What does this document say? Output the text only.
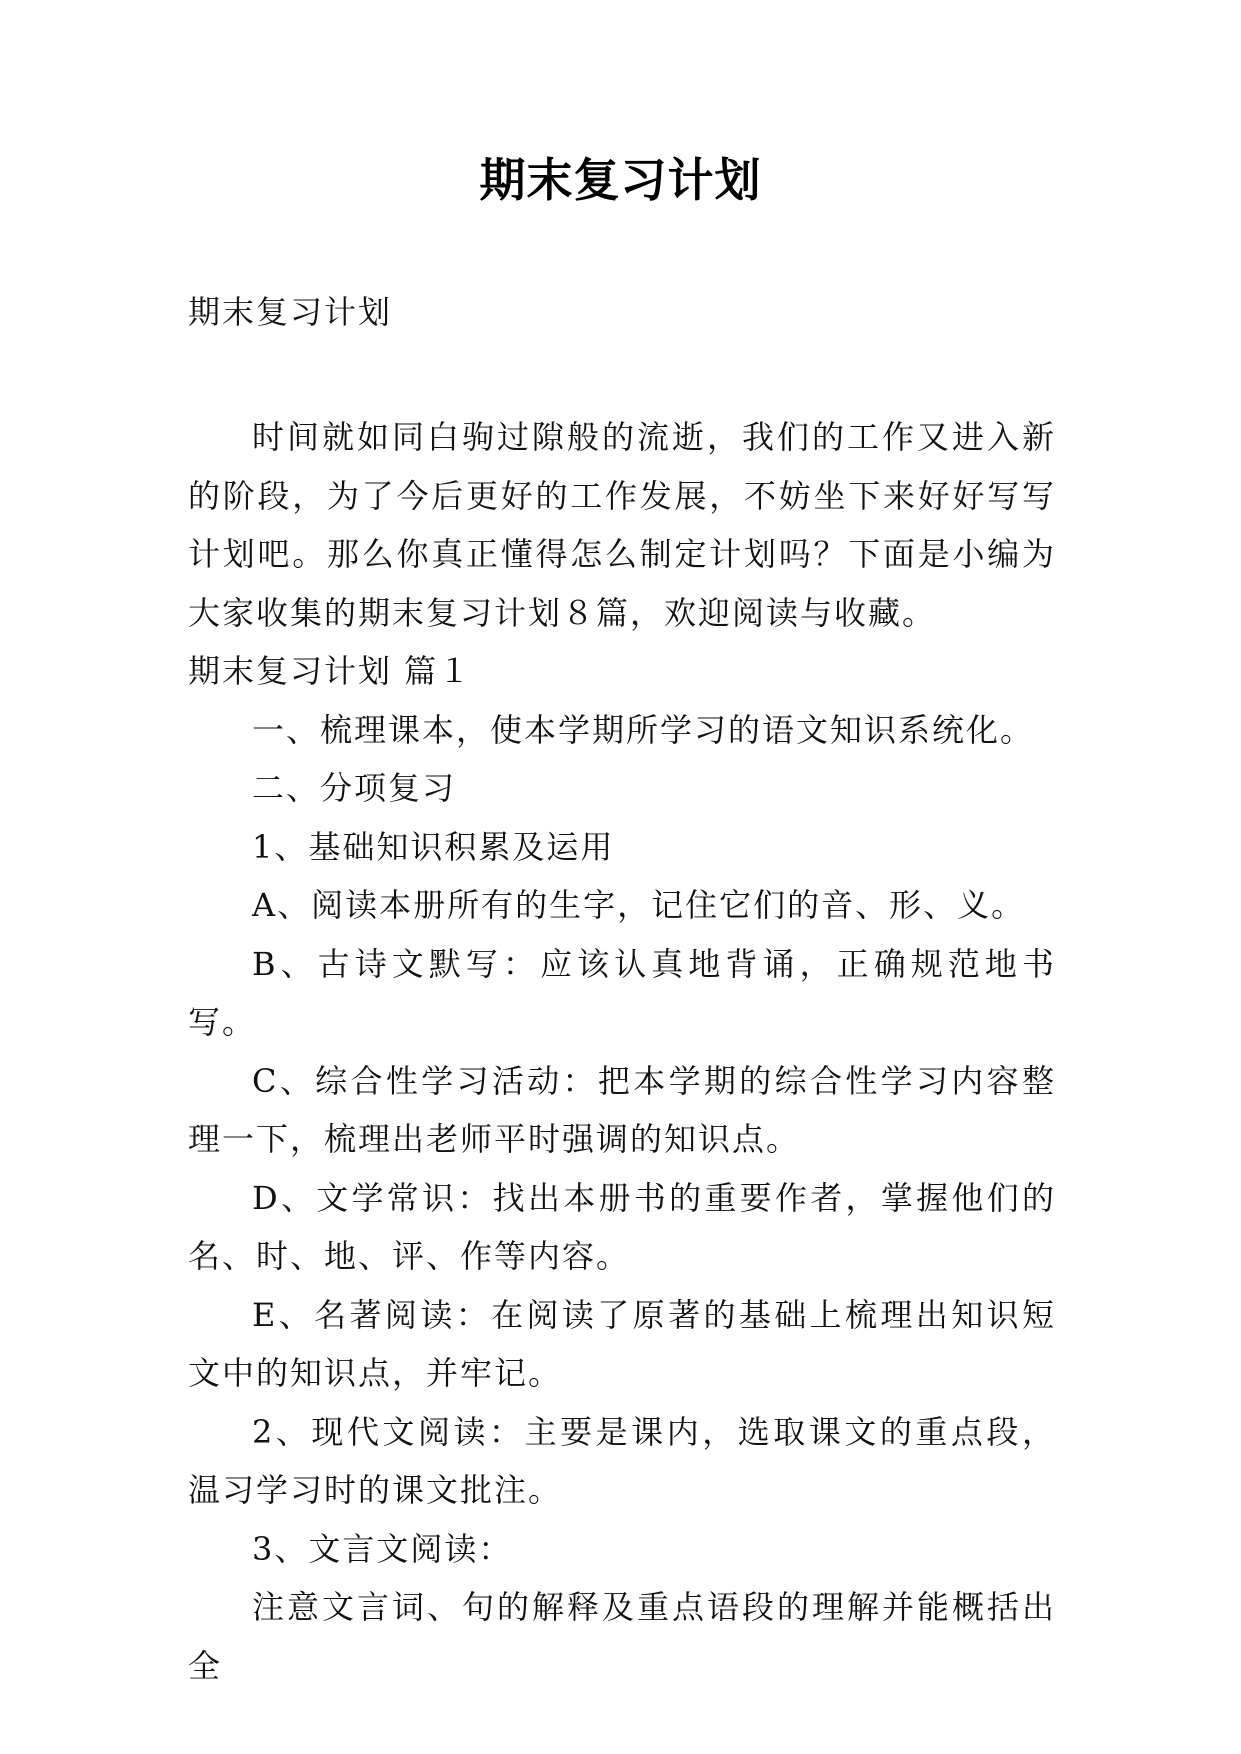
期末复习计划
期末复习计划

时间就如同白驹过隙般的流逝，我们的工作又进入新的阶段，为了今后更好的工作发展，不妨坐下来好好写写计划吧。那么你真正懂得怎么制定计划吗？下面是小编为大家收集的期末复习计划８篇，欢迎阅读与收藏。

期末复习计划 篇１

一、梳理课本，使本学期所学习的语文知识系统化。

二、分项复习

1、基础知识积累及运用

A、阅读本册所有的生字，记住它们的音、形、义。

B、古诗文默写：应该认真地背诵，正确规范地书写。

C、综合性学习活动：把本学期的综合性学习内容整理一下，梳理出老师平时强调的知识点。

D、文学常识：找出本册书的重要作者，掌握他们的名、时、地、评、作等内容。

E、名著阅读：在阅读了原著的基础上梳理出知识短文中的知识点，并牢记。

2、现代文阅读：主要是课内，选取课文的重点段，温习学习时的课文批注。

3、文言文阅读：

注意文言词、句的解释及重点语段的理解并能概括出全
